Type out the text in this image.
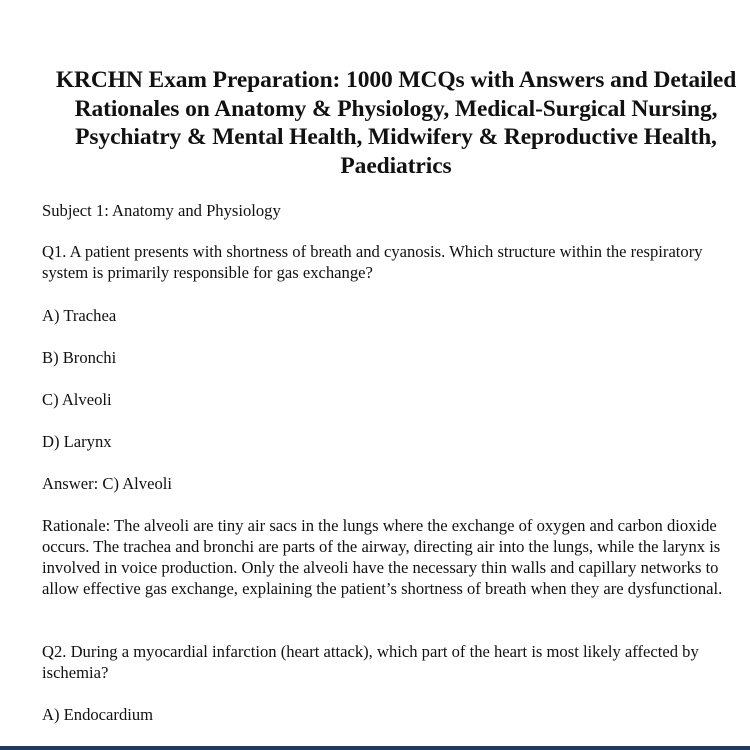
KRCHN Exam Preparation: 1000 MCQs with Answers and Detailed Rationales on Anatomy & Physiology, Medical-Surgical Nursing, Psychiatry & Mental Health, Midwifery & Reproductive Health, Paediatrics

Subject 1: Anatomy and Physiology

Q1. A patient presents with shortness of breath and cyanosis. Which structure within the respiratory system is primarily responsible for gas exchange?

A) Trachea

B) Bronchi

C) Alveoli

D) Larynx

Answer: C) Alveoli

Rationale: The alveoli are tiny air sacs in the lungs where the exchange of oxygen and carbon dioxide occurs. The trachea and bronchi are parts of the airway, directing air into the lungs, while the larynx is involved in voice production. Only the alveoli have the necessary thin walls and capillary networks to allow effective gas exchange, explaining the patient’s shortness of breath when they are dysfunctional.

Q2. During a myocardial infarction (heart attack), which part of the heart is most likely affected by ischemia?

A) Endocardium
